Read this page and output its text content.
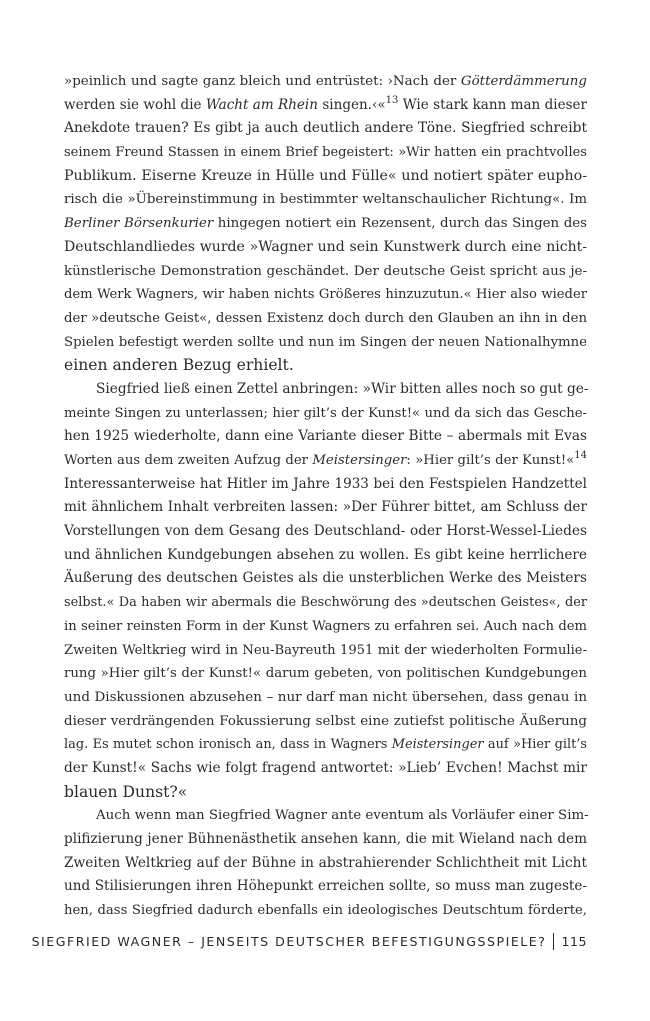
»peinlich und sagte ganz bleich und entrüstet: ›Nach der Götterdämmerung
werden sie wohl die Wacht am Rhein singen.‹«$^{13}$ Wie stark kann man dieser
Anekdote trauen? Es gibt ja auch deutlich andere Töne. Siegfried schreibt
seinem Freund Stassen in einem Brief begeistert: »Wir hatten ein prachtvolles
Publikum. Eiserne Kreuze in Hülle und Fülle« und notiert später eupho-
risch die »Übereinstimmung in bestimmter weltanschaulicher Richtung«. Im
Berliner Börsenkurier hingegen notiert ein Rezensent, durch das Singen des
Deutschlandliedes wurde »Wagner und sein Kunstwerk durch eine nicht-
künstlerische Demonstration geschändet. Der deutsche Geist spricht aus je-
dem Werk Wagners, wir haben nichts Größeres hinzuzutun.« Hier also wieder
der »deutsche Geist«, dessen Existenz doch durch den Glauben an ihn in den
Spielen befestigt werden sollte und nun im Singen der neuen Nationalhymne
einen anderen Bezug erhielt.
Siegfried ließ einen Zettel anbringen: »Wir bitten alles noch so gut ge-
meinte Singen zu unterlassen; hier gilt’s der Kunst!« und da sich das Gesche-
hen 1925 wiederholte, dann eine Variante dieser Bitte – abermals mit Evas
Worten aus dem zweiten Aufzug der Meistersinger: »Hier gilt’s der Kunst!«$^{14}$
Interessanterweise hat Hitler im Jahre 1933 bei den Festspielen Handzettel
mit ähnlichem Inhalt verbreiten lassen: »Der Führer bittet, am Schluss der
Vorstellungen von dem Gesang des Deutschland- oder Horst-Wessel-Liedes
und ähnlichen Kundgebungen absehen zu wollen. Es gibt keine herrlichere
Äußerung des deutschen Geistes als die unsterblichen Werke des Meisters
selbst.« Da haben wir abermals die Beschwörung des »deutschen Geistes«, der
in seiner reinsten Form in der Kunst Wagners zu erfahren sei. Auch nach dem
Zweiten Weltkrieg wird in Neu-Bayreuth 1951 mit der wiederholten Formulie-
rung »Hier gilt’s der Kunst!« darum gebeten, von politischen Kundgebungen
und Diskussionen abzusehen – nur darf man nicht übersehen, dass genau in
dieser verdrängenden Fokussierung selbst eine zutiefst politische Äußerung
lag. Es mutet schon ironisch an, dass in Wagners Meistersinger auf »Hier gilt’s
der Kunst!« Sachs wie folgt fragend antwortet: »Lieb’ Evchen! Machst mir
blauen Dunst?«
Auch wenn man Siegfried Wagner ante eventum als Vorläufer einer Sim-
plifizierung jener Bühnenästhetik ansehen kann, die mit Wieland nach dem
Zweiten Weltkrieg auf der Bühne in abstrahierender Schlichtheit mit Licht
und Stilisierungen ihren Höhepunkt erreichen sollte, so muss man zugeste-
hen, dass Siegfried dadurch ebenfalls ein ideologisches Deutschtum förderte,
SIEGFRIED WAGNER – JENSEITS DEUTSCHER BEFESTIGUNGSSPIELE? 115
